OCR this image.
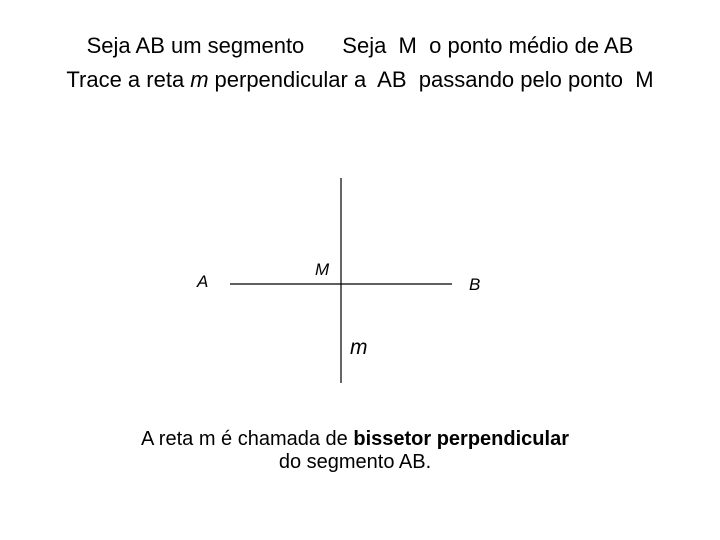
Seja AB um segmento Seja  M  o ponto médio de AB
Trace a reta m perpendicular a  AB  passando pelo ponto  M
A	B
M
m
A reta m é chamada de bisseto​r perpendicular
do segmento AB.
